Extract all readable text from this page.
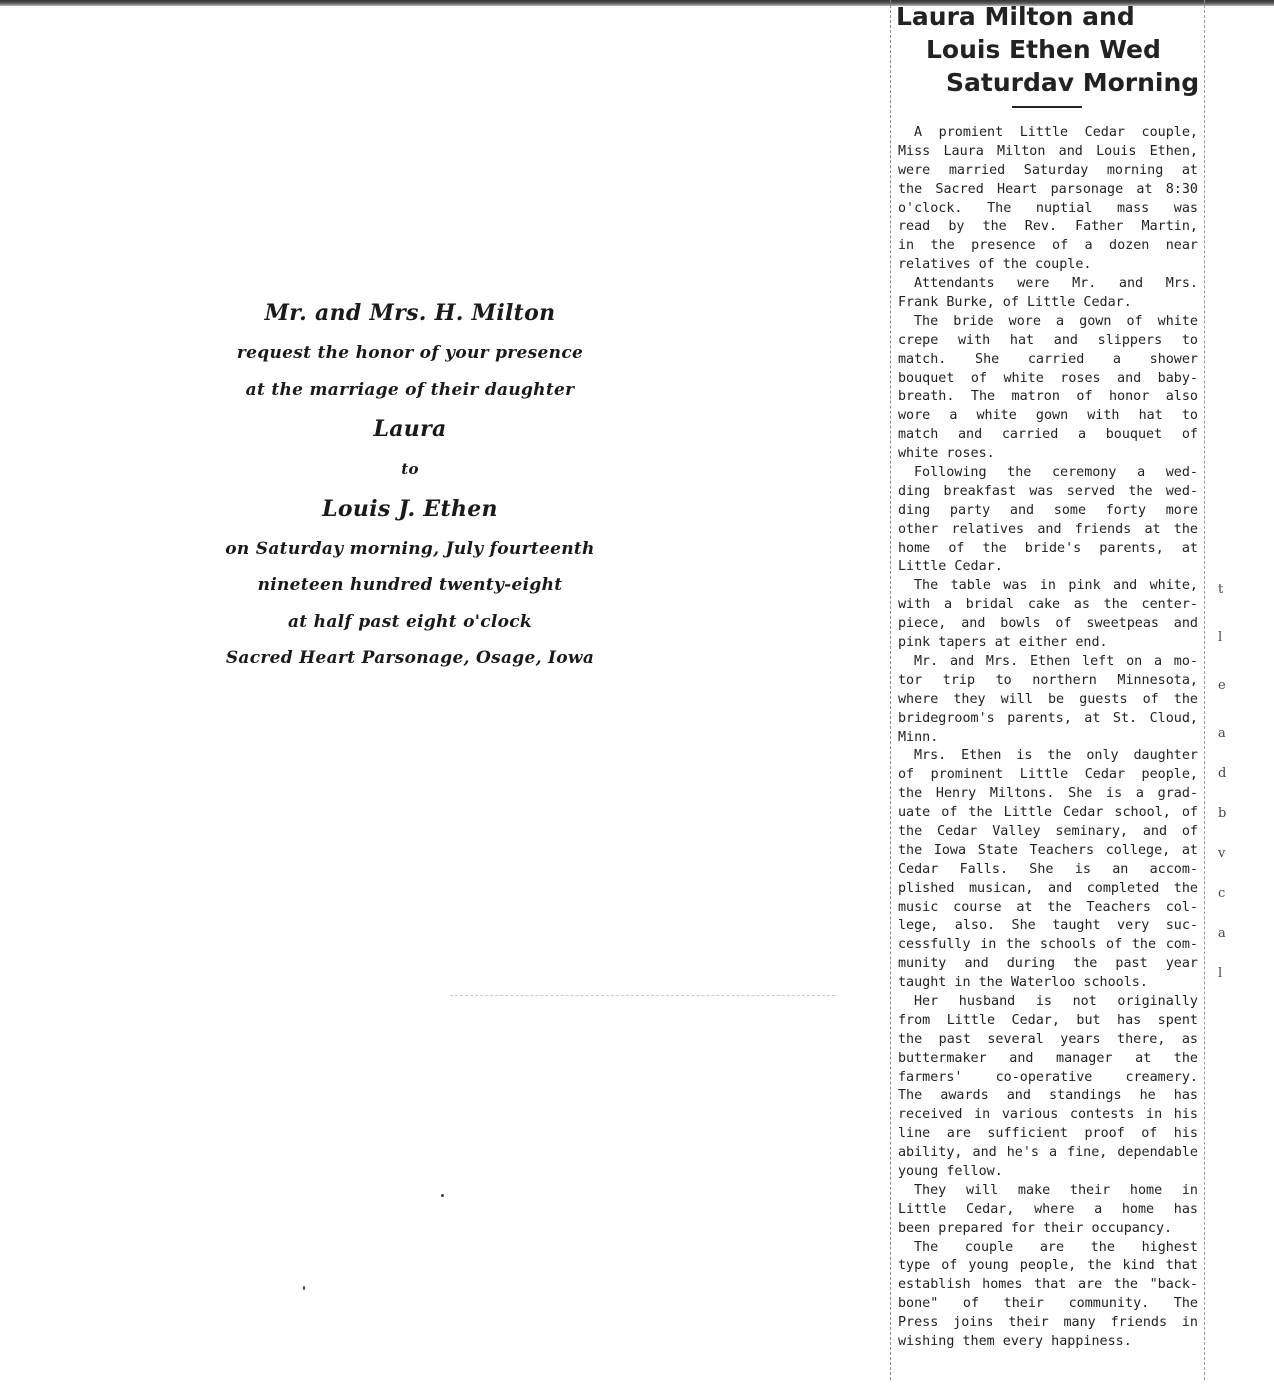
Mr. and Mrs. H. Milton
request the honor of your presence
at the marriage of their daughter
Laura
to
Louis J. Ethen
on Saturday morning, July fourteenth
nineteen hundred twenty-eight
at half past eight o'clock
Sacred Heart Parsonage, Osage, Iowa
Laura Milton and
Louis Ethen Wed
Saturdav Morning
A promient Little Cedar couple,
Miss Laura Milton and Louis Ethen,
were married Saturday morning at
the Sacred Heart parsonage at 8:30
o'clock. The nuptial mass was
read by the Rev. Father Martin,
in the presence of a dozen near
relatives of the couple.
Attendants were Mr. and Mrs.
Frank Burke, of Little Cedar.
The bride wore a gown of white
crepe with hat and slippers to
match. She carried a shower
bouquet of white roses and baby-
breath. The matron of honor also
wore a white gown with hat to
match and carried a bouquet of
white roses.
Following the ceremony a wed-
ding breakfast was served the wed-
ding party and some forty more
other relatives and friends at the
home of the bride's parents, at
Little Cedar.
The table was in pink and white,
with a bridal cake as the center-
piece, and bowls of sweetpeas and
pink tapers at either end.
Mr. and Mrs. Ethen left on a mo-
tor trip to northern Minnesota,
where they will be guests of the
bridegroom's parents, at St. Cloud,
Minn.
Mrs. Ethen is the only daughter
of prominent Little Cedar people,
the Henry Miltons. She is a grad-
uate of the Little Cedar school, of
the Cedar Valley seminary, and of
the Iowa State Teachers college, at
Cedar Falls. She is an accom-
plished musican, and completed the
music course at the Teachers col-
lege, also. She taught very suc-
cessfully in the schools of the com-
munity and during the past year
taught in the Waterloo schools.
Her husband is not originally
from Little Cedar, but has spent
the past several years there, as
buttermaker and manager at the
farmers' co-operative creamery.
The awards and standings he has
received in various contests in his
line are sufficient proof of his
ability, and he's a fine, dependable
young fellow.
They will make their home in
Little Cedar, where a home has
been prepared for their occupancy.
The couple are the highest
type of young people, the kind that
establish homes that are the "back-
bone" of their community. The
Press joins their many friends in
wishing them every happiness.
t
l
e
a
d
b
v
c
a
l
